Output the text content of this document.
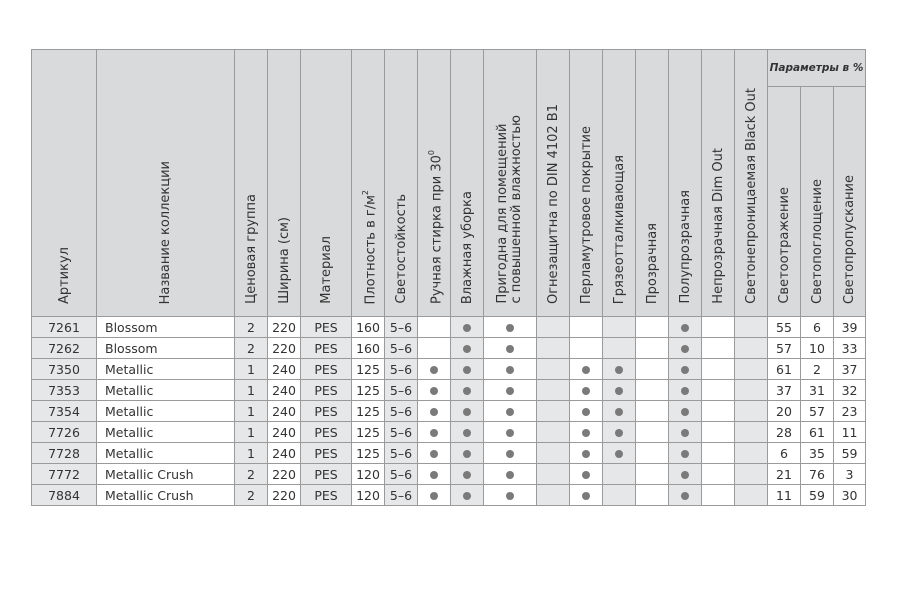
Артикул	Название коллекции	Ценовая группа	Ширина (см)	Материал	Плотность в $г/м^2$	Светостойкость	Ручная стирка при $30^0$	Влажная уборка	Пригодна для помещений
с повышенной влажностью	Огнезащитна по DIN 4102 B1	Перламутровое покрытие	Грязеотталкивающая	Прозрачная	Полупрозрачная	Непрозрачная Dim Out	Светонепроницаемая Black Out	Параметры в %		
																	Светоотражение	Светопоглощение	Светопропускание
7261	Blossom	2	220	PES	160	5–6											55	6	39
7262	Blossom	2	220	PES	160	5–6											57	10	33
7350	Metallic	1	240	PES	125	5–6											61	2	37
7353	Metallic	1	240	PES	125	5–6											37	31	32
7354	Metallic	1	240	PES	125	5–6											20	57	23
7726	Metallic	1	240	PES	125	5–6											28	61	11
7728	Metallic	1	240	PES	125	5–6											6	35	59
7772	Metallic Crush	2	220	PES	120	5–6											21	76	3
7884	Metallic Crush	2	220	PES	120	5–6											11	59	30
